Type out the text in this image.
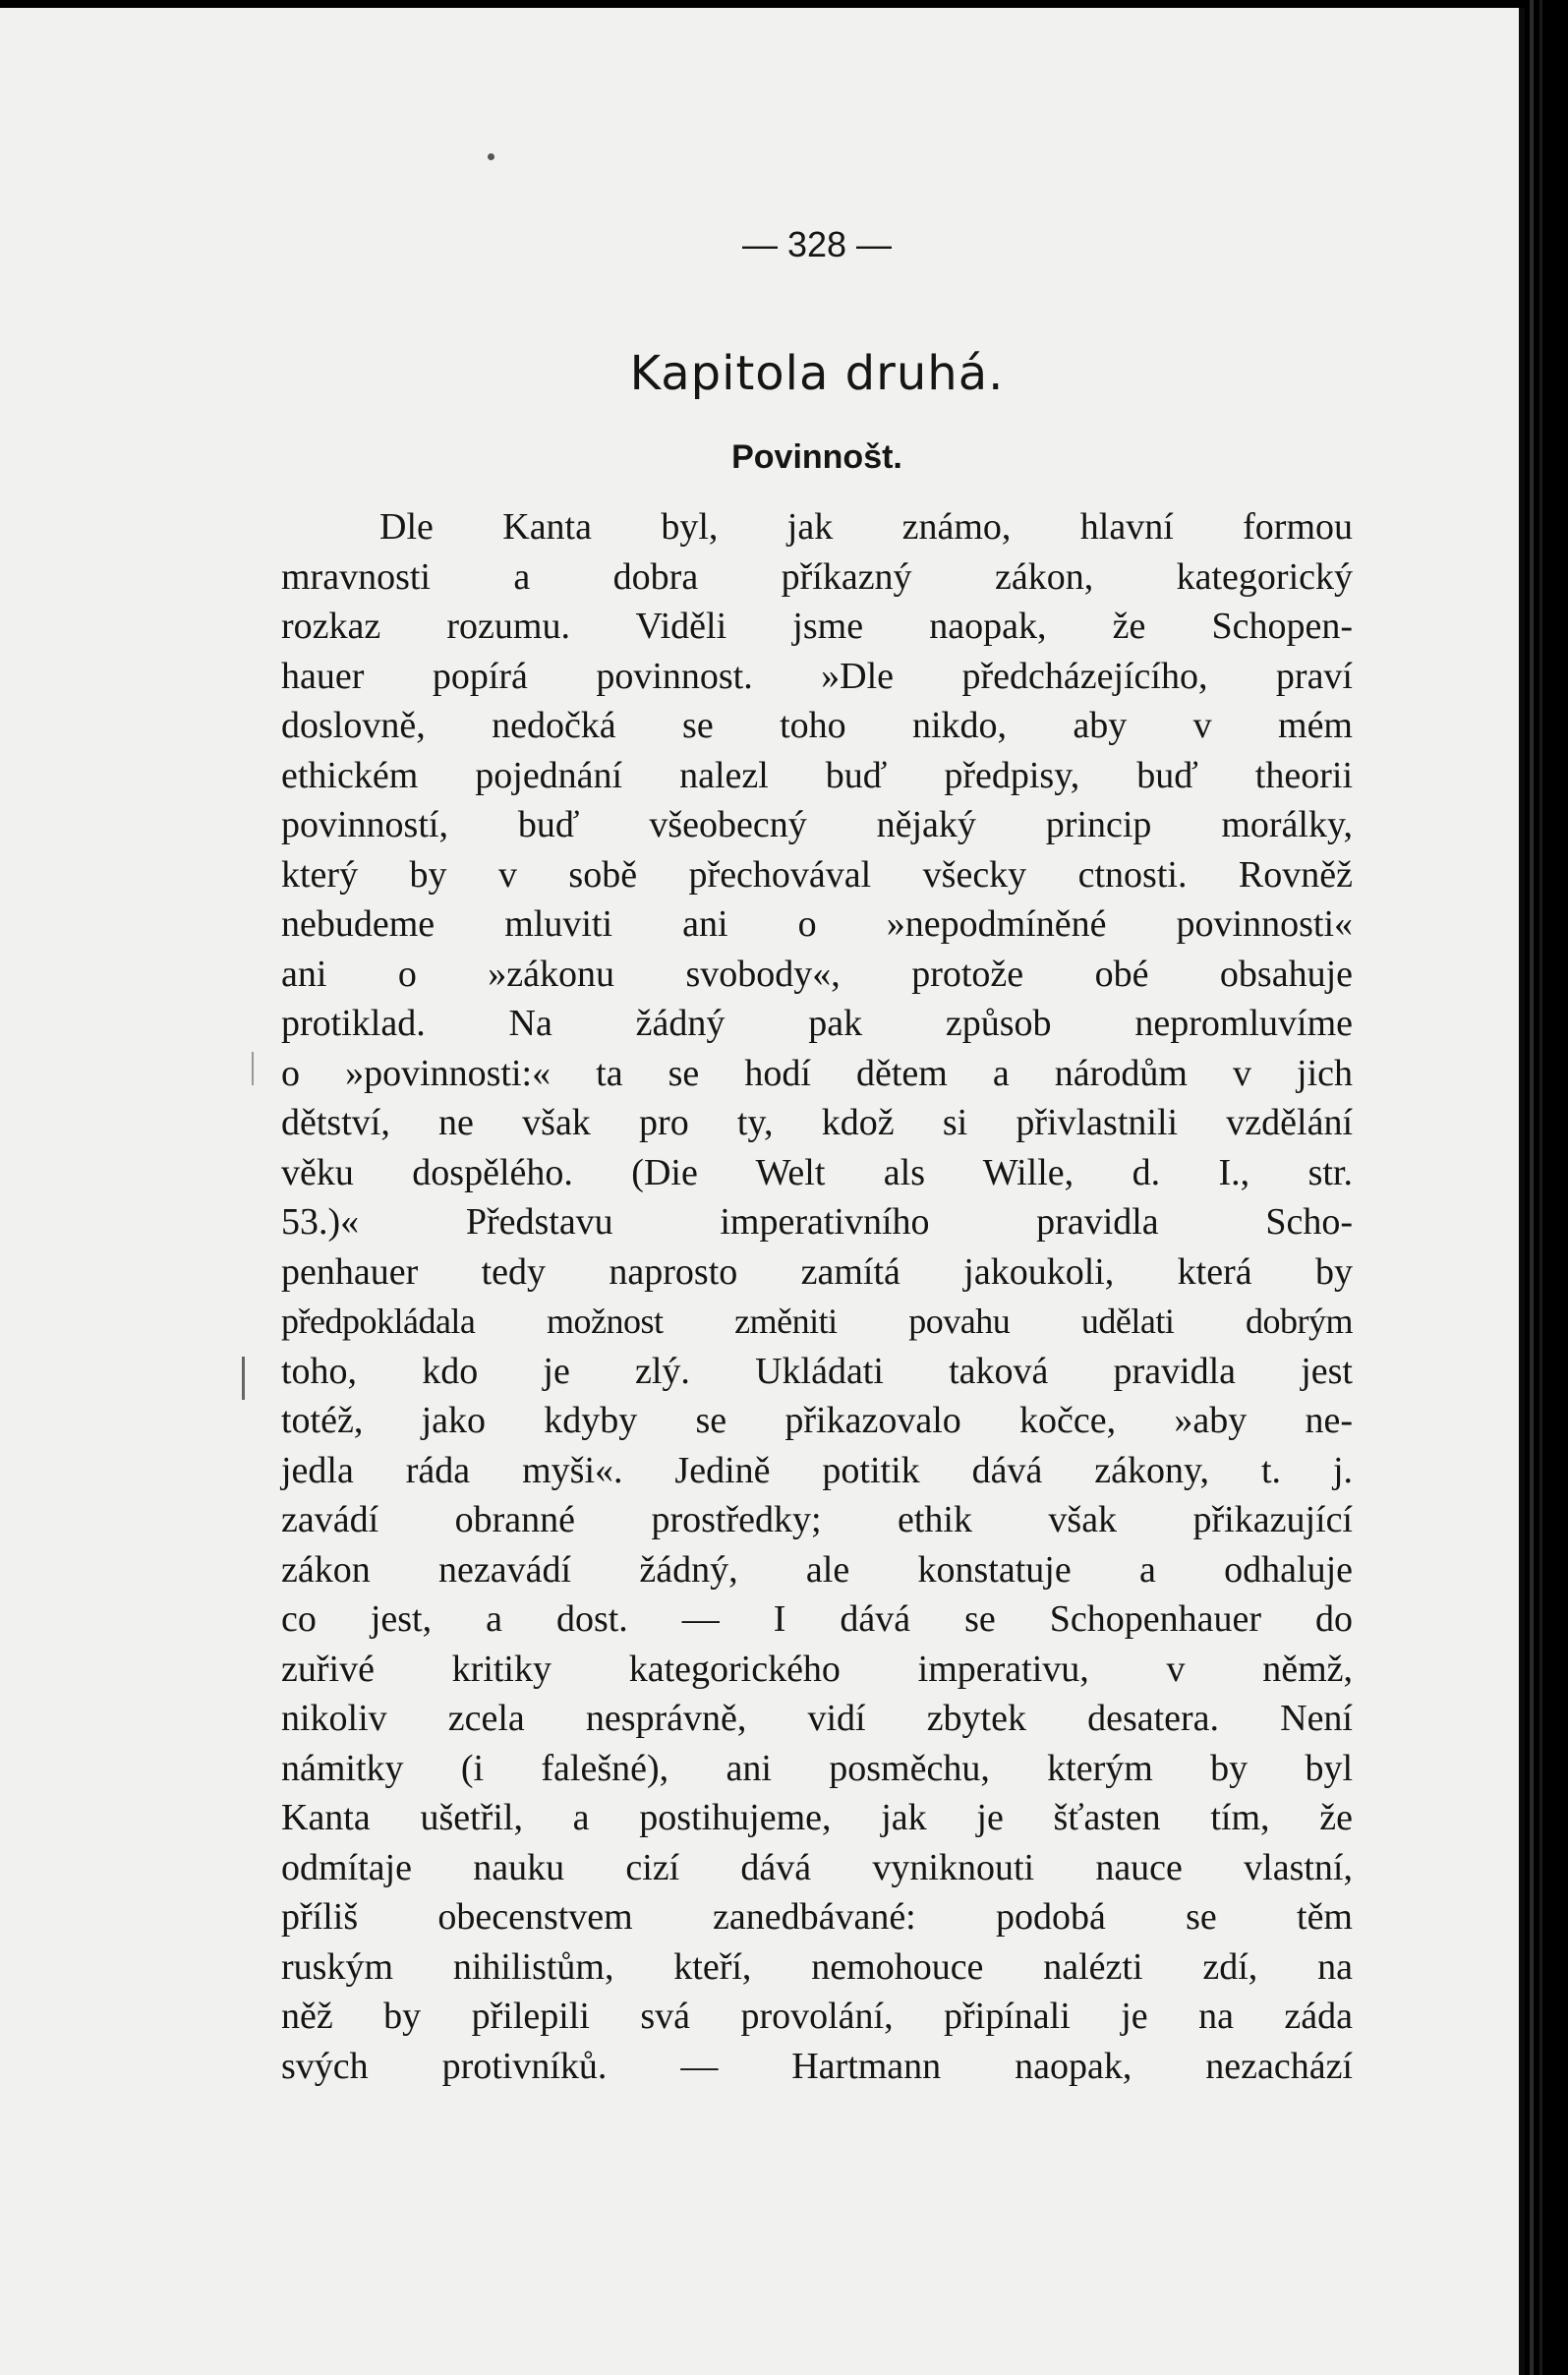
— 328 —
Kapitola druhá.
Povinnošt.
Dle Kanta byl, jak známo, hlavní formou
mravnosti a dobra příkazný zákon, kategorický
rozkaz rozumu. Viděli jsme naopak, že Schopen-
hauer popírá povinnost. »Dle předcházejícího, praví
doslovně, nedočká se toho nikdo, aby v mém
ethickém pojednání nalezl buď předpisy, buď theorii
povinností, buď všeobecný nějaký princip morálky,
který by v sobě přechovával všecky ctnosti. Rovněž
nebudeme mluviti ani o »nepodmíněné povinnosti«
ani o »zákonu svobody«, protože obé obsahuje
protiklad. Na žádný pak způsob nepromluvíme
o »povinnosti:« ta se hodí dětem a národům v jich
dětství, ne však pro ty, kdož si přivlastnili vzdělání
věku dospělého. (Die Welt als Wille, d. I., str.
53.)« Představu imperativního pravidla Scho-
penhauer tedy naprosto zamítá jakoukoli, která by
předpokládala možnost změniti povahu udělati dobrým
toho, kdo je zlý. Ukládati taková pravidla jest
totéž, jako kdyby se přikazovalo kočce, »aby ne-
jedla ráda myši«. Jedině potitik dává zákony, t. j.
zavádí obranné prostředky; ethik však přikazující
zákon nezavádí žádný, ale konstatuje a odhaluje
co jest, a dost. — I dává se Schopenhauer do
zuřivé kritiky kategorického imperativu, v němž,
nikoliv zcela nesprávně, vidí zbytek desatera. Není
námitky (i falešné), ani posměchu, kterým by byl
Kanta ušetřil, a postihujeme, jak je šťasten tím, že
odmítaje nauku cizí dává vyniknouti nauce vlastní,
příliš obecenstvem zanedbávané: podobá se těm
ruským nihilistům, kteří, nemohouce nalézti zdí, na
něž by přilepili svá provolání, připínali je na záda
svých protivníků. — Hartmann naopak, nezachází
